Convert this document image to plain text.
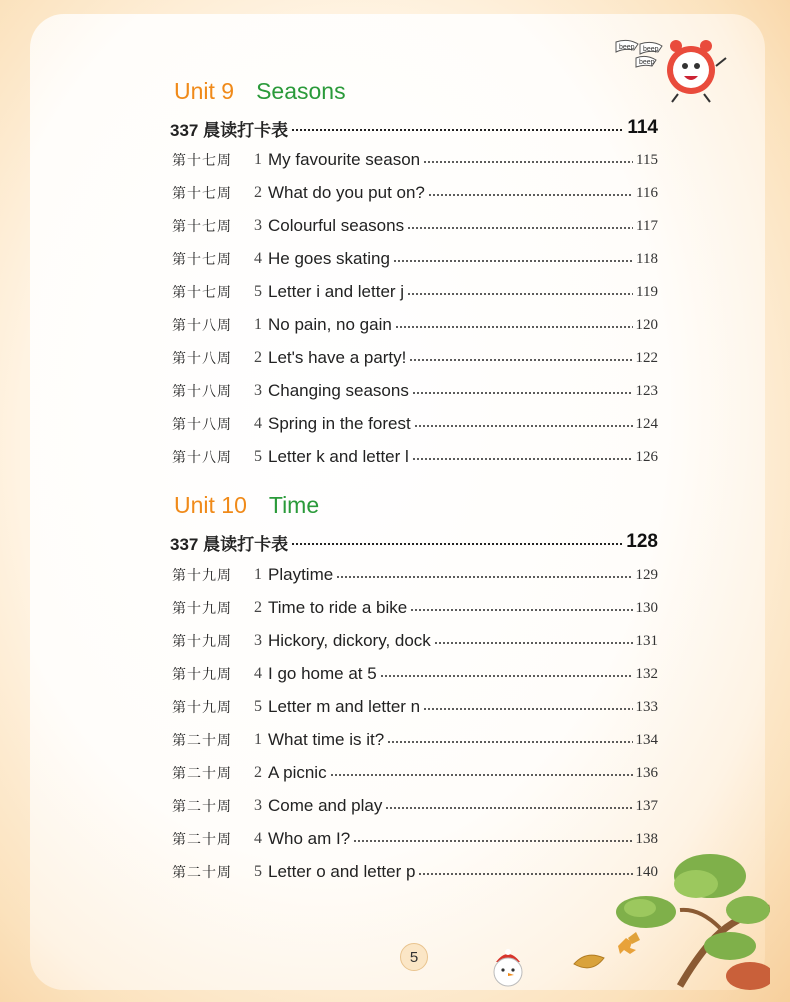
beep beep
beep
Unit 9 Seasons
337 晨读打卡表	114
第十七周	1 My favourite season	115
第十七周	2 What do you put on?	116
第十七周	3 Colourful seasons	117
第十七周	4 He goes skating	118
第十七周	5 Letter i and letter j	119
第十八周	1 No pain, no gain	120
第十八周	2 Let's have a party!	122
第十八周	3 Changing seasons	123
第十八周	4 Spring in the forest	124
第十八周	5 Letter k and letter l	126
Unit 10 Time
337 晨读打卡表	128
第十九周	1 Playtime	129
第十九周	2 Time to ride a bike	130
第十九周	3 Hickory, dickory, dock	131
第十九周	4 I go home at 5	132
第十九周	5 Letter m and letter n	133
第二十周	1 What time is it?	134
第二十周	2 A picnic	136
第二十周	3 Come and play	137
第二十周	4 Who am I?	138
第二十周	5 Letter o and letter p	140
5
